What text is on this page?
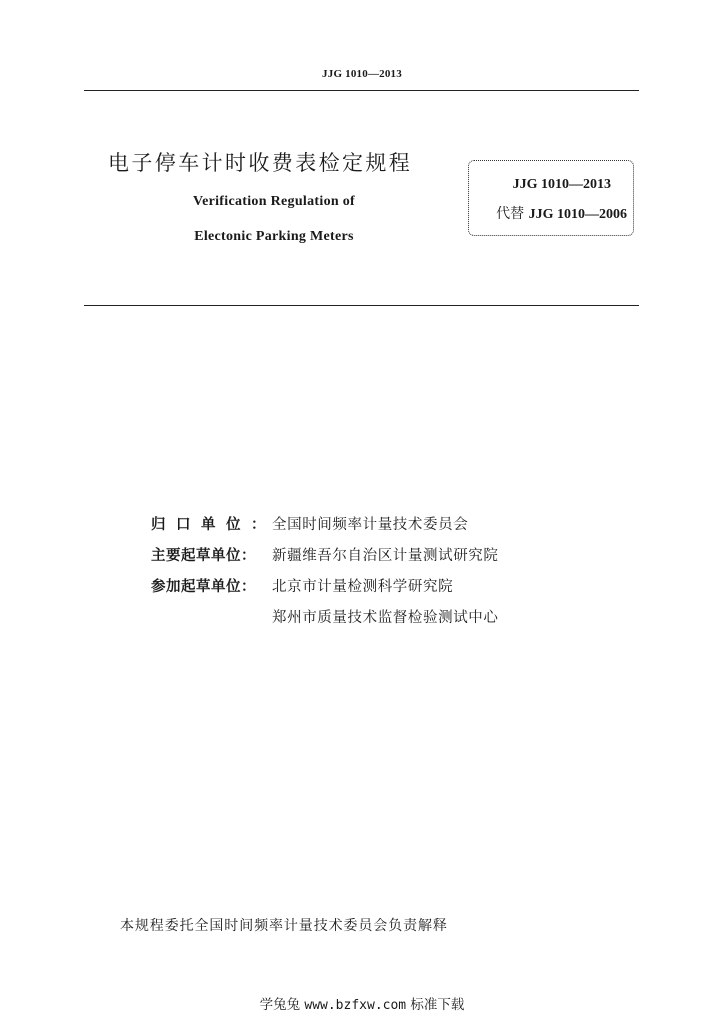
JJG 1010—2013
电子停车计时收费表检定规程
Verification Regulation of
Electonic Parking Meters
JJG 1010—2013
代替 JJG 1010—2006
归口单位：
全国时间频率计量技术委员会
主要起草单位：	新疆维吾尔自治区计量测试研究院
参加起草单位：	北京市计量检测科学研究院
郑州市质量技术监督检验测试中心
本规程委托全国时间频率计量技术委员会负责解释
学兔兔 www.bzfxw.com 标准下载
